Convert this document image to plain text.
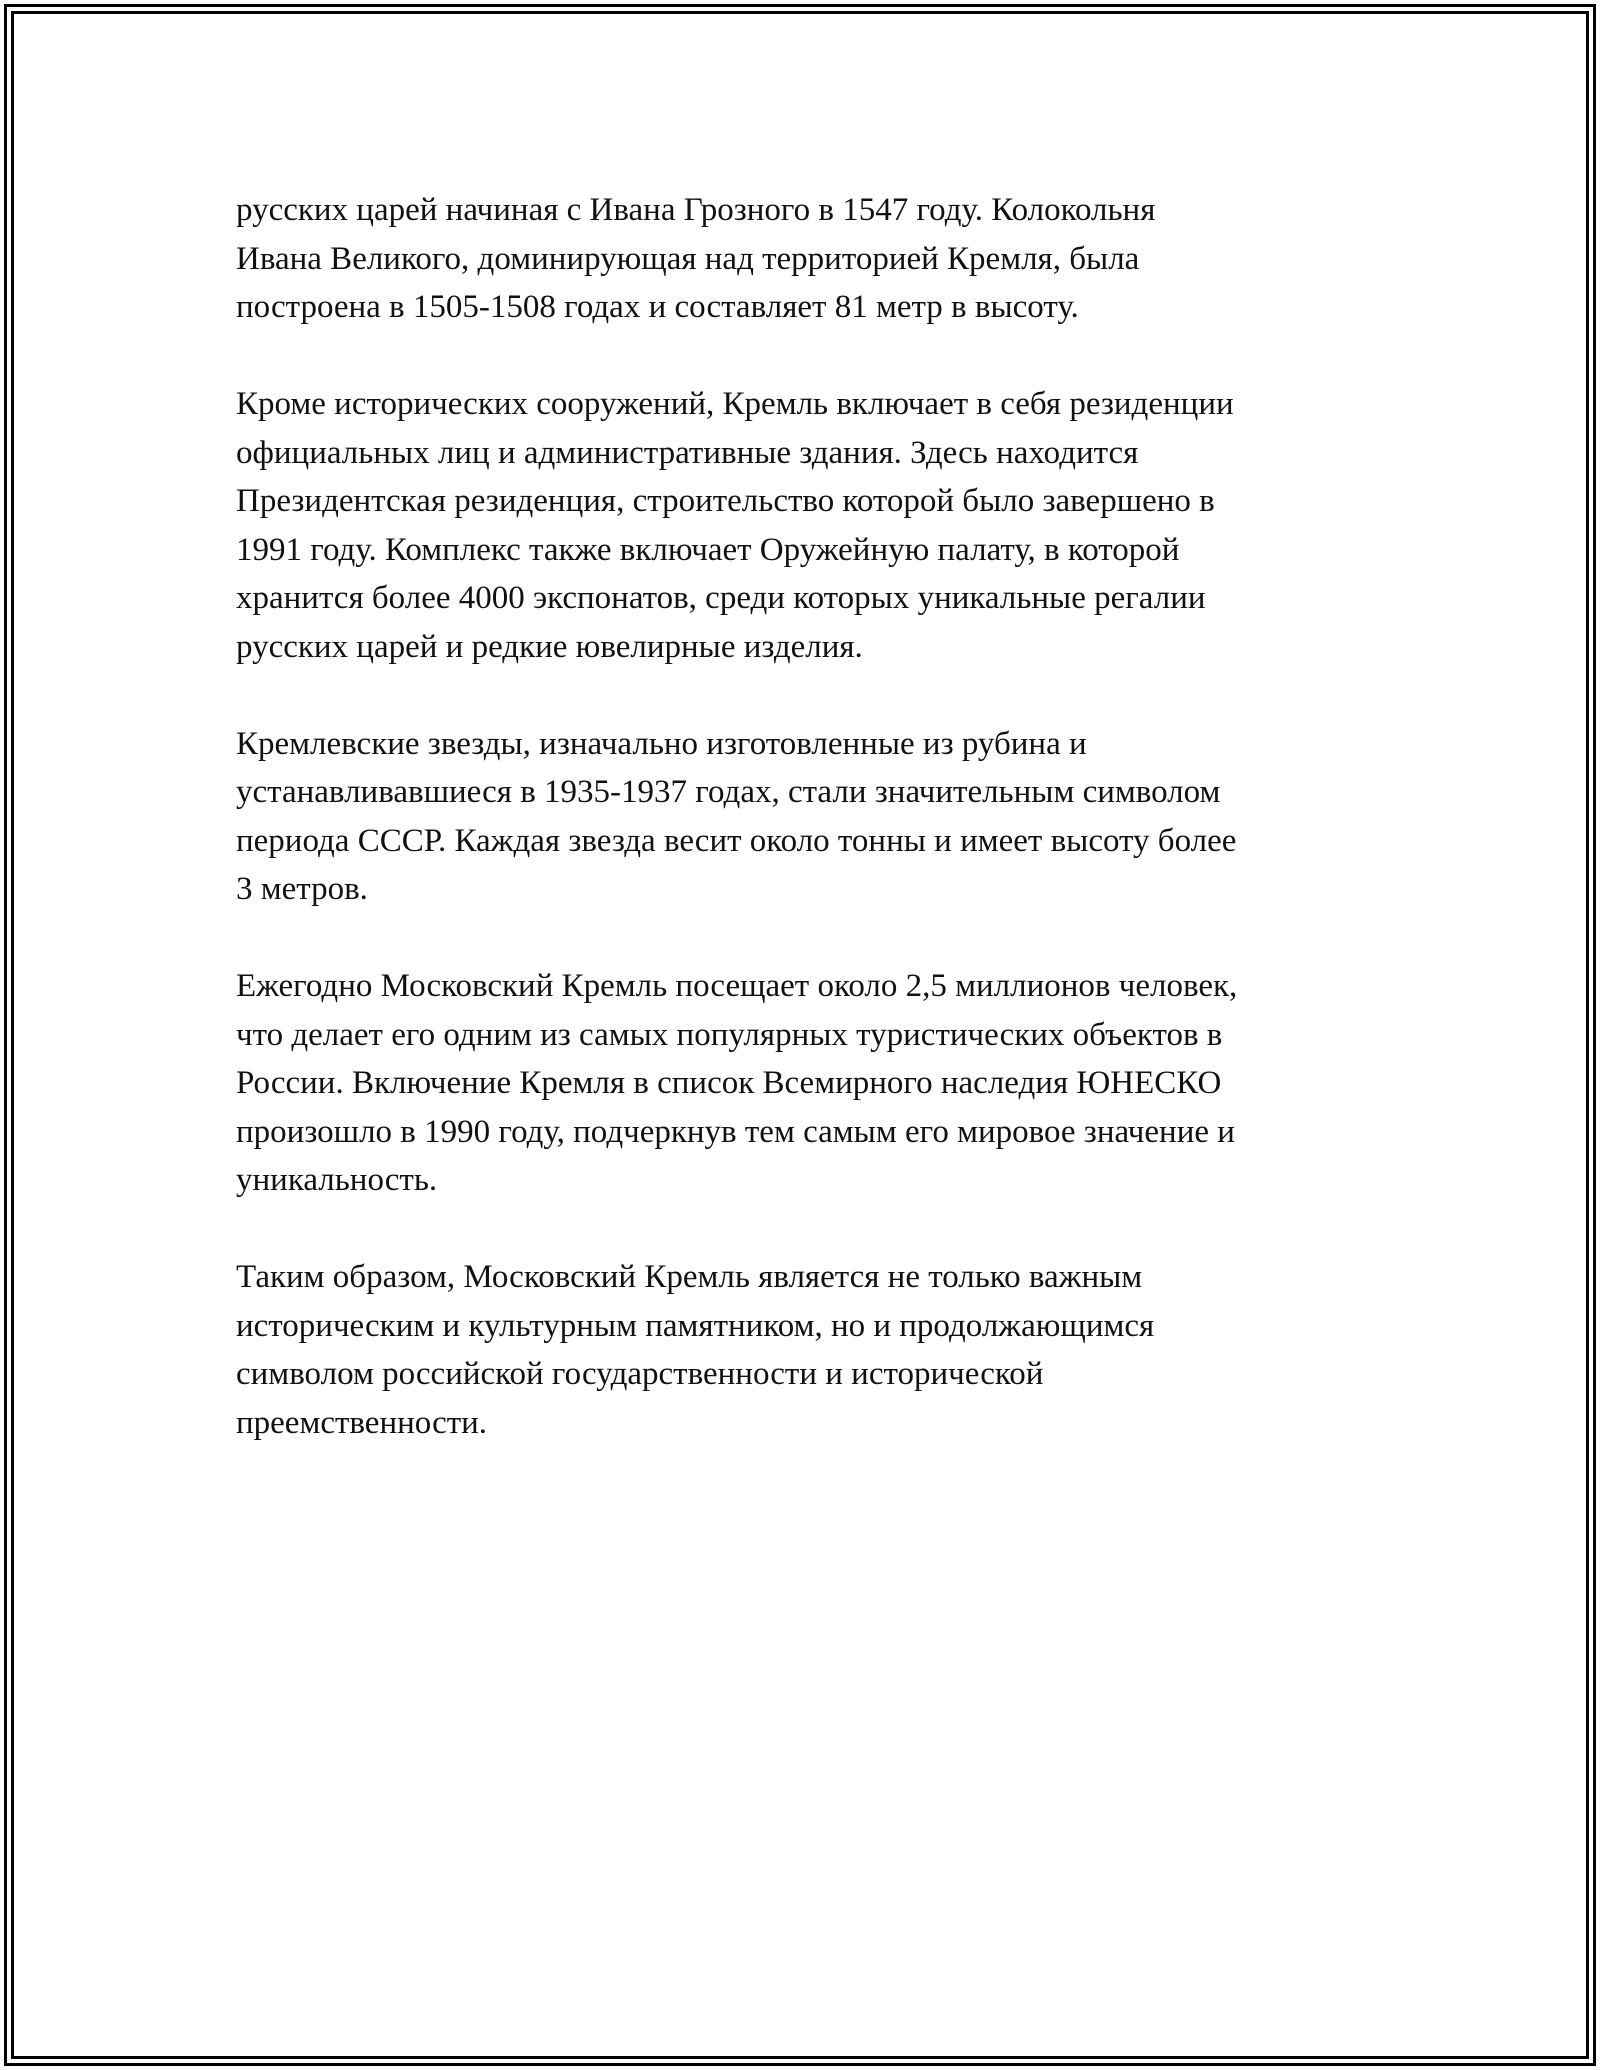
русских царей начиная с Ивана Грозного в 1547 году. Колокольня
Ивана Великого, доминирующая над территорией Кремля, была
построена в 1505-1508 годах и составляет 81 метр в высоту.

Кроме исторических сооружений, Кремль включает в себя резиденции
официальных лиц и административные здания. Здесь находится
Президентская резиденция, строительство которой было завершено в
1991 году. Комплекс также включает Оружейную палату, в которой
хранится более 4000 экспонатов, среди которых уникальные регалии
русских царей и редкие ювелирные изделия.

Кремлевские звезды, изначально изготовленные из рубина и
устанавливавшиеся в 1935-1937 годах, стали значительным символом
периода СССР. Каждая звезда весит около тонны и имеет высоту более
3 метров.

Ежегодно Московский Кремль посещает около 2,5 миллионов человек,
что делает его одним из самых популярных туристических объектов в
России. Включение Кремля в список Всемирного наследия ЮНЕСКО
произошло в 1990 году, подчеркнув тем самым его мировое значение и
уникальность.

Таким образом, Московский Кремль является не только важным
историческим и культурным памятником, но и продолжающимся
символом российской государственности и исторической
преемственности.
